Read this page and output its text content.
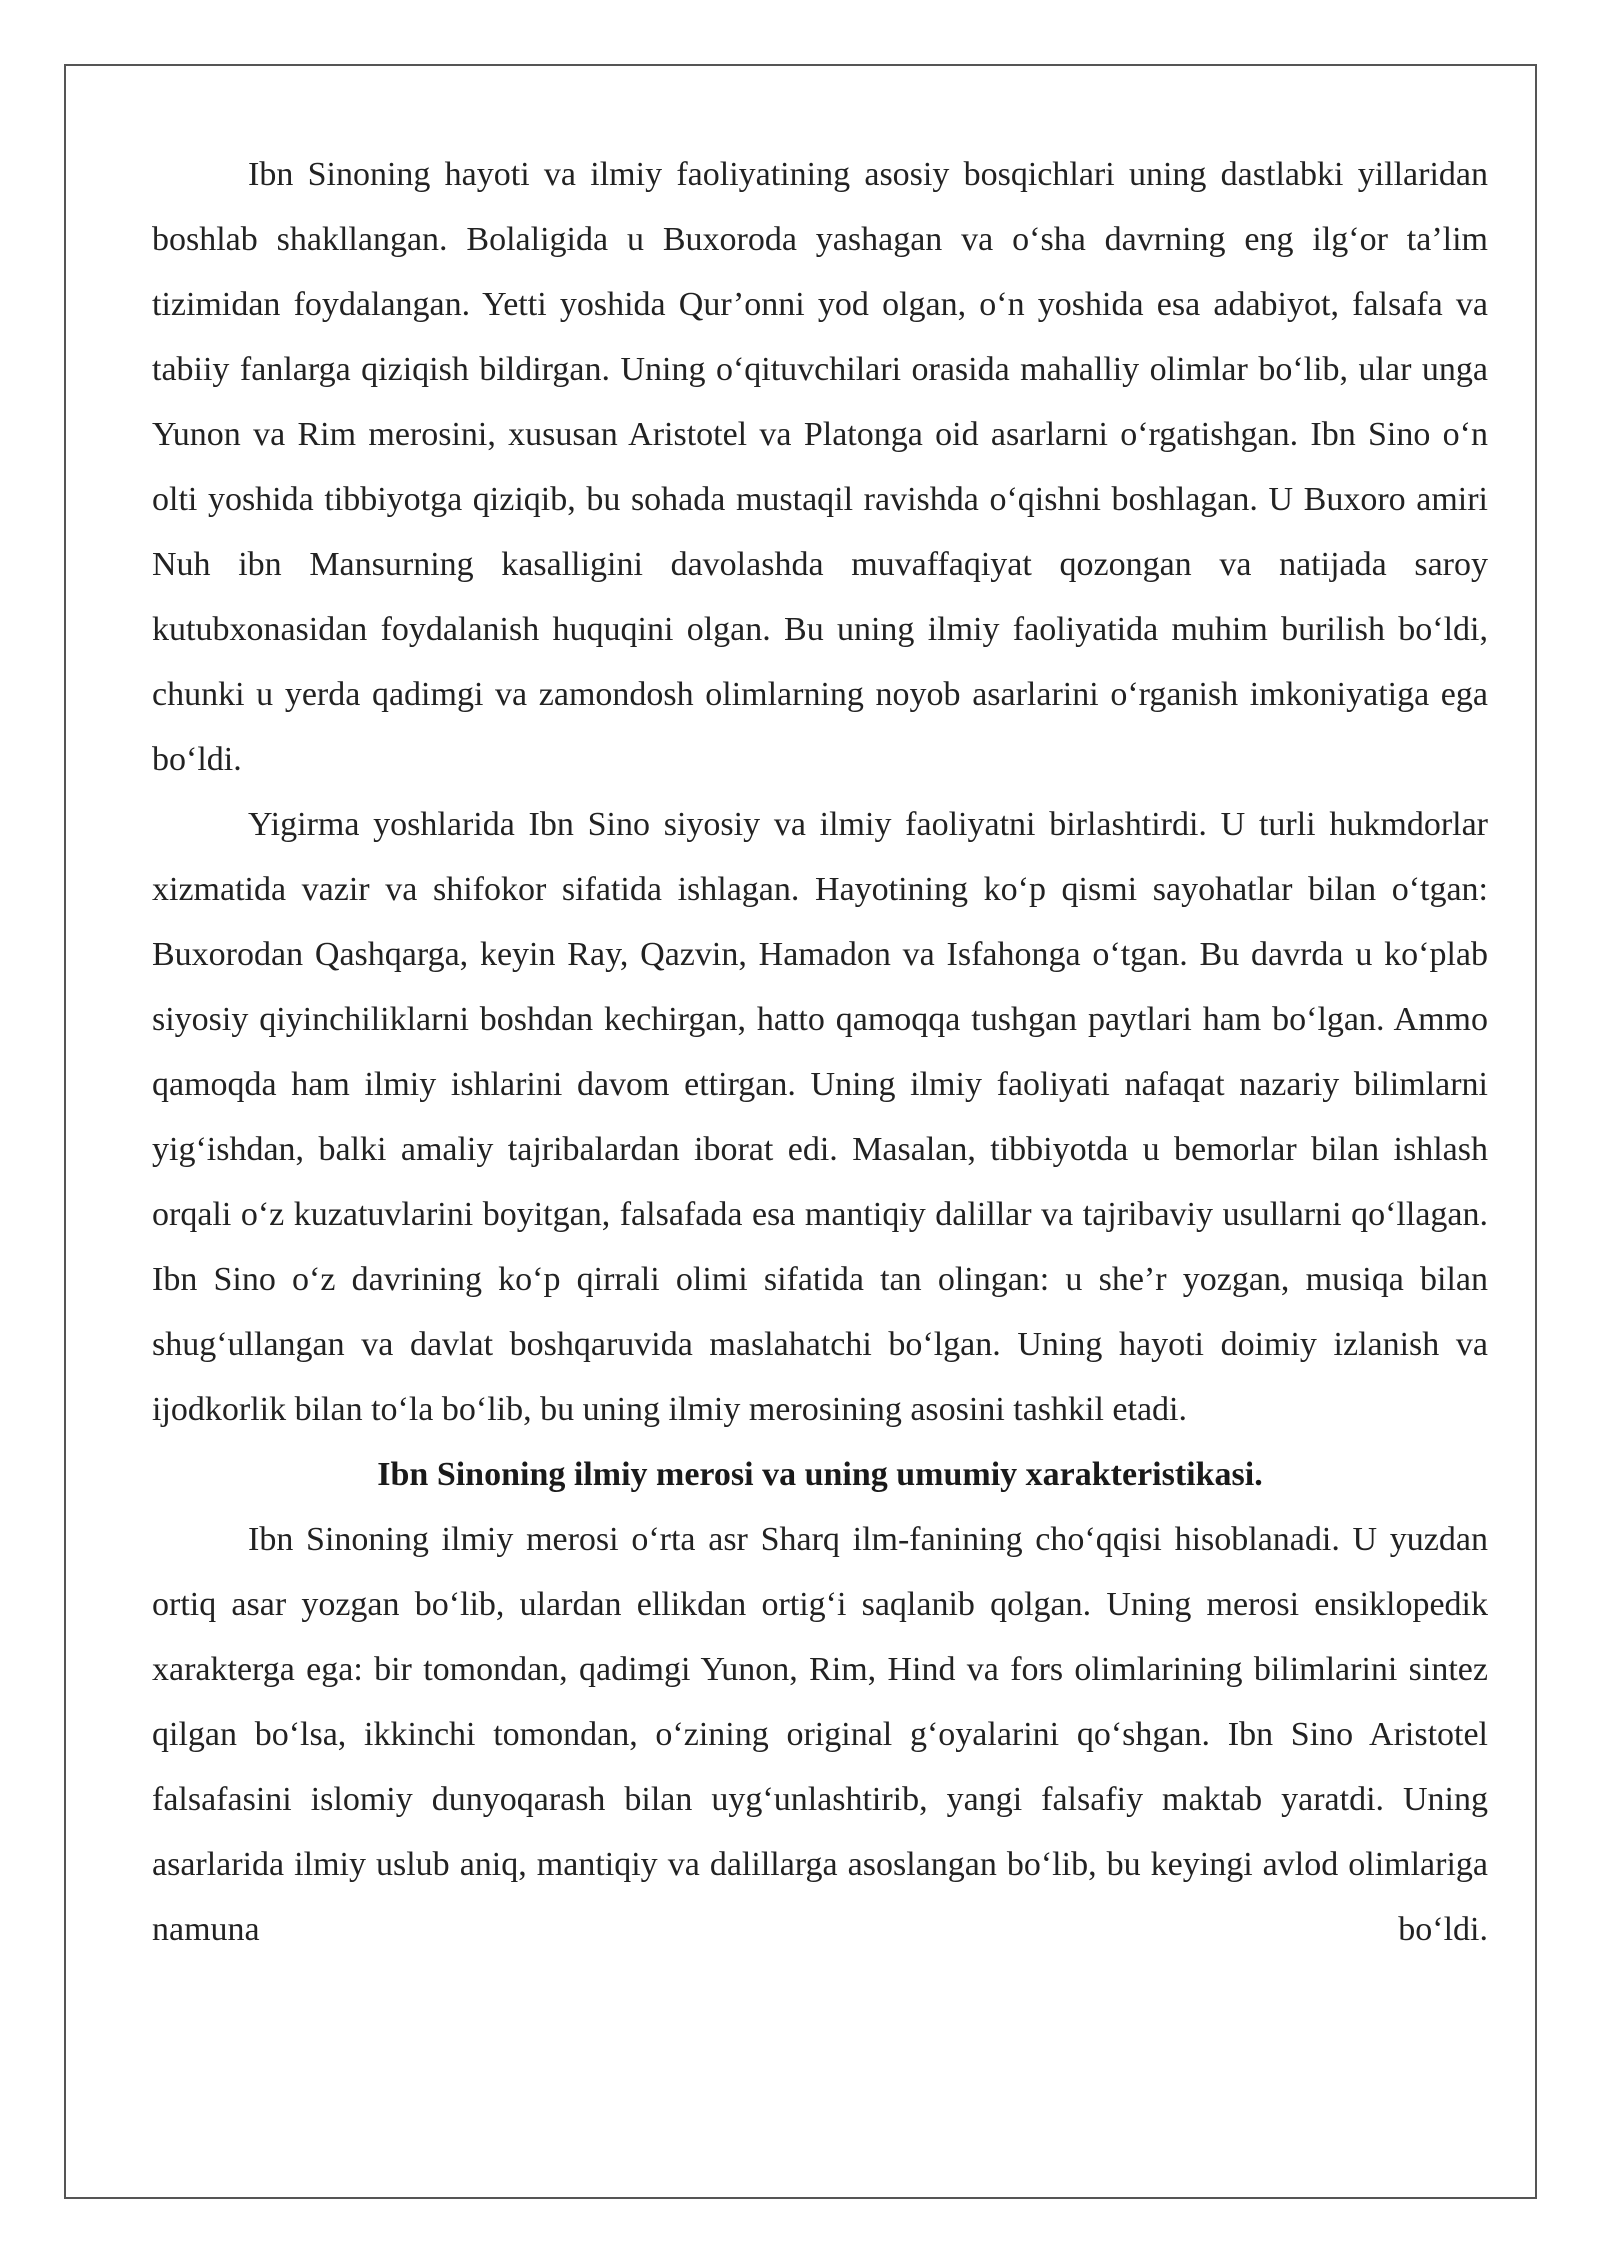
Ibn Sinoning hayoti va ilmiy faoliyatining asosiy bosqichlari uning dastlabki yillaridan boshlab shakllangan. Bolaligida u Buxoroda yashagan va o‘sha davrning eng ilg‘or ta’lim tizimidan foydalangan. Yetti yoshida Qur’onni yod olgan, o‘n yoshida esa adabiyot, falsafa va tabiiy fanlarga qiziqish bildirgan. Uning o‘qituvchilari orasida mahalliy olimlar bo‘lib, ular unga Yunon va Rim merosini, xususan Aristotel va Platonga oid asarlarni o‘rgatishgan. Ibn Sino o‘n olti yoshida tibbiyotga qiziqib, bu sohada mustaqil ravishda o‘qishni boshlagan. U Buxoro amiri Nuh ibn Mansurning kasalligini davolashda muvaffaqiyat qozongan va natijada saroy kutubxonasidan foydalanish huquqini olgan. Bu uning ilmiy faoliyatida muhim burilish bo‘ldi, chunki u yerda qadimgi va zamondosh olimlarning noyob asarlarini o‘rganish imkoniyatiga ega bo‘ldi.

Yigirma yoshlarida Ibn Sino siyosiy va ilmiy faoliyatni birlashtirdi. U turli hukmdorlar xizmatida vazir va shifokor sifatida ishlagan. Hayotining ko‘p qismi sayohatlar bilan o‘tgan: Buxorodan Qashqarga, keyin Ray, Qazvin, Hamadon va Isfahonga o‘tgan. Bu davrda u ko‘plab siyosiy qiyinchiliklarni boshdan kechirgan, hatto qamoqqa tushgan paytlari ham bo‘lgan. Ammo qamoqda ham ilmiy ishlarini davom ettirgan. Uning ilmiy faoliyati nafaqat nazariy bilimlarni yig‘ishdan, balki amaliy tajribalardan iborat edi. Masalan, tibbiyotda u bemorlar bilan ishlash orqali o‘z kuzatuvlarini boyitgan, falsafada esa mantiqiy dalillar va tajribaviy usullarni qo‘llagan. Ibn Sino o‘z davrining ko‘p qirrali olimi sifatida tan olingan: u she’r yozgan, musiqa bilan shug‘ullangan va davlat boshqaruvida maslahatchi bo‘lgan. Uning hayoti doimiy izlanish va ijodkorlik bilan to‘la bo‘lib, bu uning ilmiy merosining asosini tashkil etadi.

Ibn Sinoning ilmiy merosi va uning umumiy xarakteristikasi.

Ibn Sinoning ilmiy merosi o‘rta asr Sharq ilm-fanining cho‘qqisi hisoblanadi. U yuzdan ortiq asar yozgan bo‘lib, ulardan ellikdan ortig‘i saqlanib qolgan. Uning merosi ensiklopedik xarakterga ega: bir tomondan, qadimgi Yunon, Rim, Hind va fors olimlarining bilimlarini sintez qilgan bo‘lsa, ikkinchi tomondan, o‘zining original g‘oyalarini qo‘shgan. Ibn Sino Aristotel falsafasini islomiy dunyoqarash bilan uyg‘unlashtirib, yangi falsafiy maktab yaratdi. Uning asarlarida ilmiy uslub aniq, mantiqiy va dalillarga asoslangan bo‘lib, bu keyingi avlod olimlariga namuna bo‘ldi.
